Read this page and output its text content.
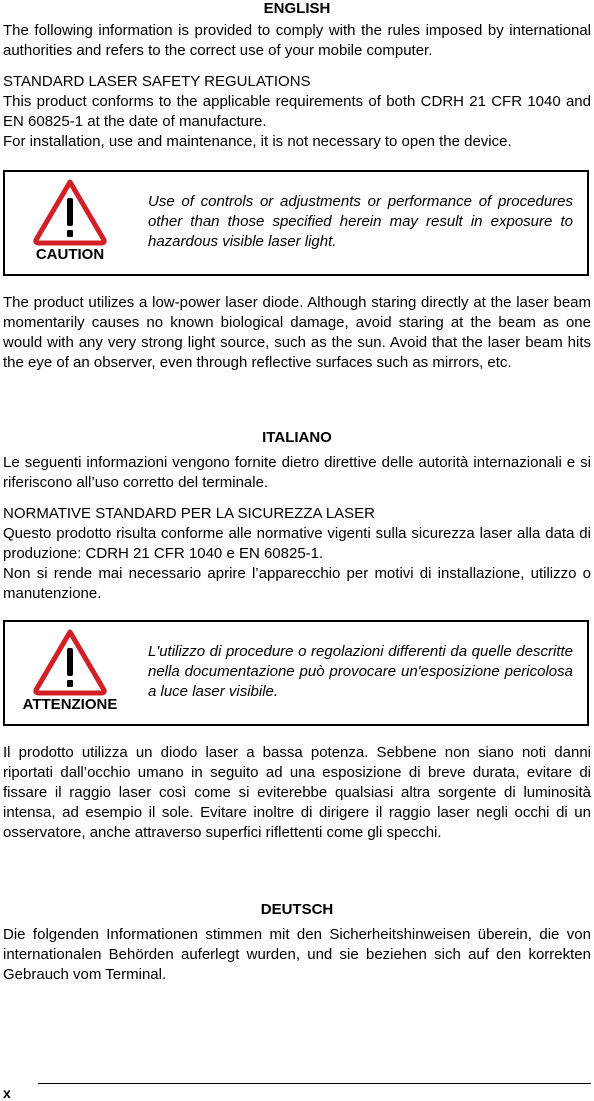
ENGLISH

The following information is provided to comply with the rules imposed by international authorities and refers to the correct use of your mobile computer.

STANDARD LASER SAFETY REGULATIONS

This product conforms to the applicable requirements of both CDRH 21 CFR 1040 and EN 60825-1 at the date of manufacture.

For installation, use and maintenance, it is not necessary to open the device.

CAUTION

Use of controls or adjustments or performance of procedures other than those specified herein may result in exposure to hazardous visible laser light.

The product utilizes a low-power laser diode. Although staring directly at the laser beam momentarily causes no known biological damage, avoid staring at the beam as one would with any very strong light source, such as the sun. Avoid that the laser beam hits the eye of an observer, even through reflective surfaces such as mirrors, etc.

ITALIANO

Le seguenti informazioni vengono fornite dietro direttive delle autorità internazionali e si riferiscono all’uso corretto del terminale.

NORMATIVE STANDARD PER LA SICUREZZA LASER

Questo prodotto risulta conforme alle normative vigenti sulla sicurezza laser alla data di produzione: CDRH 21 CFR 1040 e EN 60825-1.

Non si rende mai necessario aprire l’apparecchio per motivi di installazione, utilizzo o manutenzione.

ATTENZIONE

L'utilizzo di procedure o regolazioni differenti da quelle descritte nella documentazione può provocare un'esposizione pericolosa a luce laser visibile.

Il prodotto utilizza un diodo laser a bassa potenza. Sebbene non siano noti danni riportati dall’occhio umano in seguito ad una esposizione di breve durata, evitare di fissare il raggio laser così come si eviterebbe qualsiasi altra sorgente di luminosità intensa, ad esempio il sole. Evitare inoltre di dirigere il raggio laser negli occhi di un osservatore, anche attraverso superfici riflettenti come gli specchi.

DEUTSCH

Die folgenden Informationen stimmen mit den Sicherheitshinweisen überein, die von internationalen Behörden auferlegt wurden, und sie beziehen sich auf den korrekten Gebrauch vom Terminal.

x
